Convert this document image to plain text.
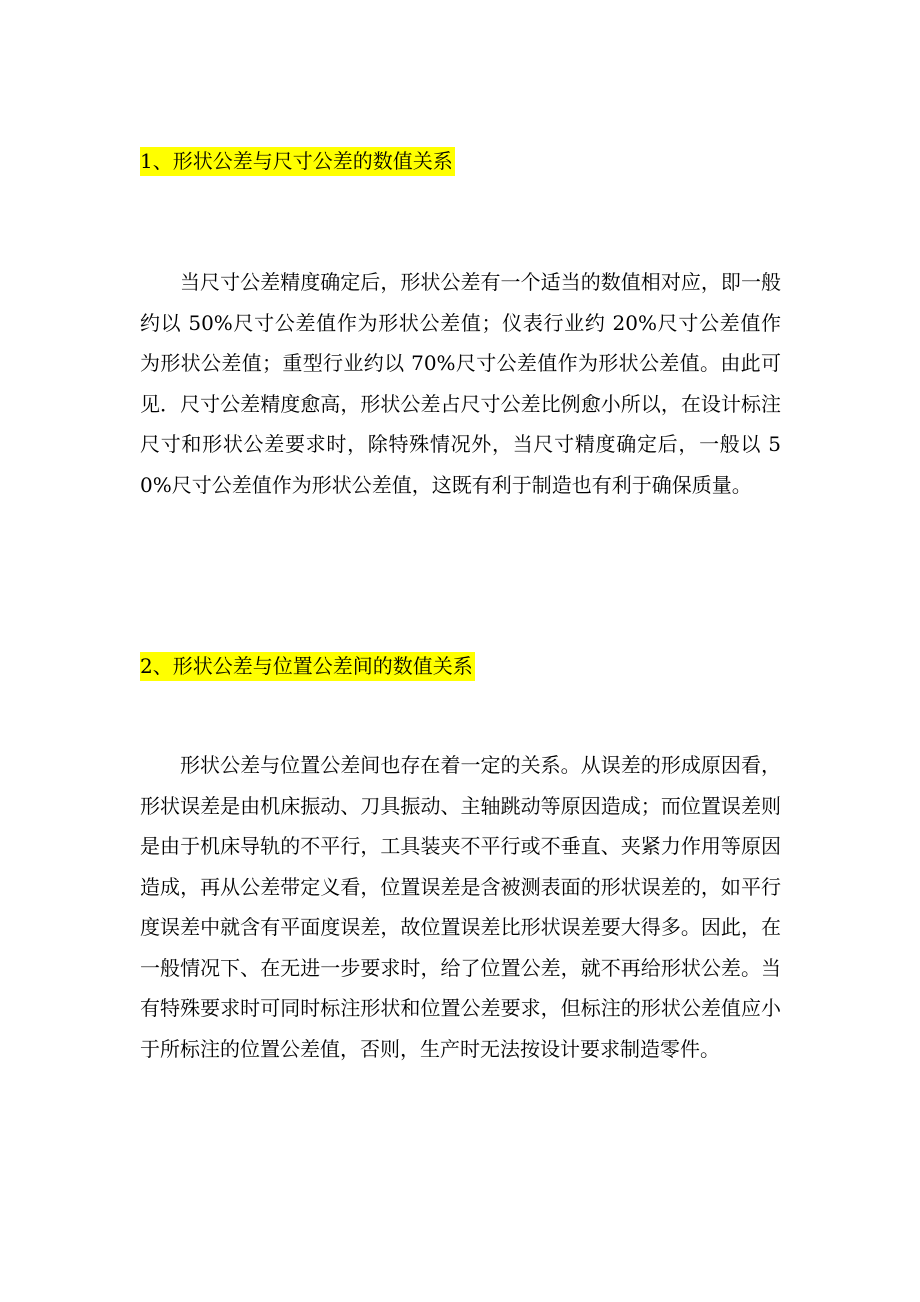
1、形状公差与尺寸公差的数值关系

当尺寸公差精度确定后，形状公差有一个适当的数值相对应，即一般约以 50%尺寸公差值作为形状公差值；仪表行业约 20%尺寸公差值作为形状公差值；重型行业约以 70%尺寸公差值作为形状公差值。由此可见．尺寸公差精度愈高，形状公差占尺寸公差比例愈小所以，在设计标注尺寸和形状公差要求时，除特殊情况外，当尺寸精度确定后，一般以 50%尺寸公差值作为形状公差值，这既有利于制造也有利于确保质量。

2、形状公差与位置公差间的数值关系

形状公差与位置公差间也存在着一定的关系。从误差的形成原因看，形状误差是由机床振动、刀具振动、主轴跳动等原因造成；而位置误差则是由于机床导轨的不平行，工具装夹不平行或不垂直、夹紧力作用等原因造成，再从公差带定义看，位置误差是含被测表面的形状误差的，如平行度误差中就含有平面度误差，故位置误差比形状误差要大得多。因此，在一般情况下、在无进一步要求时，给了位置公差，就不再给形状公差。当有特殊要求时可同时标注形状和位置公差要求，但标注的形状公差值应小于所标注的位置公差值，否则，生产时无法按设计要求制造零件。
